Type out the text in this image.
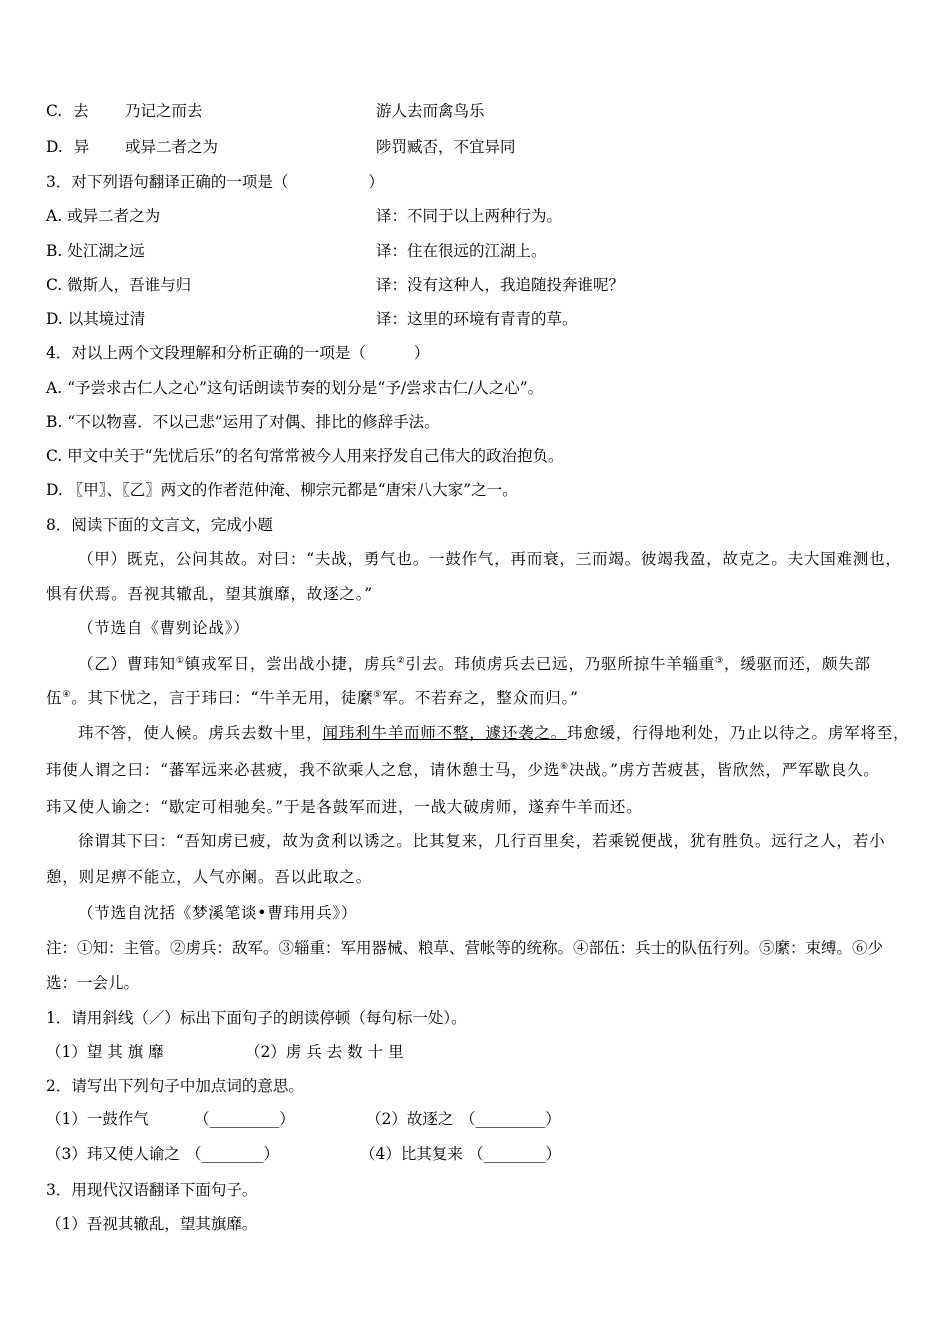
C. 去 乃记之而去	游人去而禽鸟乐
D. 异 或异二者之为	陟罚臧否，不宜异同
3．对下列语句翻译正确的一项是（	）
A. 或异二者之为	译：不同于以上两种行为。
B. 处江湖之远	译：住在很远的江湖上。
C. 微斯人，吾谁与归	译：没有这种人，我追随投奔谁呢？
D. 以其境过清	译：这里的环境有青青的草。
4．对以上两个文段理解和分析正确的一项是（	）
A. “予尝求古仁人之心”这句话朗读节奏的划分是“予/尝求古仁/人之心”。
B. “不以物喜．不以己悲”运用了对偶、排比的修辞手法。
C. 甲文中关于“先忧后乐”的名句常常被今人用来抒发自己伟大的政治抱负。
D. 〖甲〗、〖乙〗两文的作者范仲淹、柳宗元都是“唐宋八大家”之一。
8．阅读下面的文言文，完成小题
（甲）既克，公问其故。对曰：“夫战，勇气也。一鼓作气，再而衰，三而竭。彼竭我盈，故克之。夫大国难测也，
惧有伏焉。吾视其辙乱，望其旗靡，故逐之。”
（节选自《曹刿论战》）
（乙）曹玮知①镇戎军日，尝出战小捷，虏兵②引去。玮侦虏兵去已远，乃驱所掠牛羊辎重③，缓驱而还，颇失部
伍④。其下忧之，言于玮曰：“牛羊无用，徒縻⑤军。不若弃之，整众而归。”
玮不答，使人候。虏兵去数十里，闻玮利牛羊而师不整，遽还袭之。玮愈缓，行得地利处，乃止以待之。虏军将至，
玮使人谓之曰：“蕃军远来必甚疲，我不欲乘人之怠，请休憩士马，少选⑥决战。”虏方苦疲甚，皆欣然，严军歇良久。
玮又使人谕之：“歇定可相驰矣。”于是各鼓军而进，一战大破虏师，遂弃牛羊而还。
徐谓其下曰：“吾知虏已疲，故为贪利以诱之。比其复来，几行百里矣，若乘锐便战，犹有胜负。远行之人，若小
憩，则足痹不能立，人气亦阑。吾以此取之。
（节选自沈括《梦溪笔谈•曹玮用兵》）
注：①知：主管。②虏兵：敌军。③辎重：军用器械、粮草、营帐等的统称。④部伍：兵士的队伍行列。⑤縻：束缚。⑥少
选：一会儿。
1．请用斜线（／）标出下面句子的朗读停顿（每句标一处）。
（1）望 其 旗 靡	（2）虏 兵 去 数 十 里
2．请写出下列句子中加点词的意思。
（1）一鼓作气	（_________）	（2）故逐之 （_________）
（3）玮又使人谕之 （________）	（4）比其复来 （________）
3．用现代汉语翻译下面句子。
（1）吾视其辙乱，望其旗靡。
